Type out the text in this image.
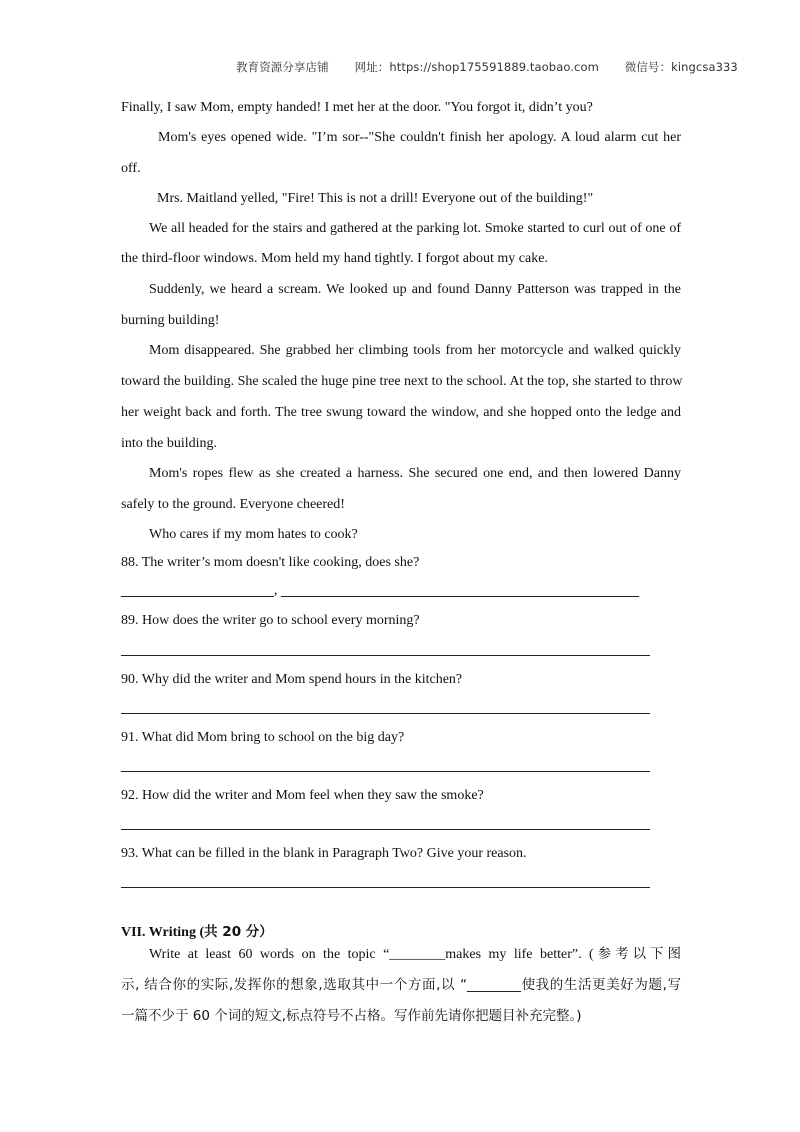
教育资源分享店铺 网址：https://shop175591889.taobao.com 微信号：kingcsa333
Finally, I saw Mom, empty handed! I met her at the door. "You forgot it, didn’t you?
Mom's eyes opened wide. "I’m sor--"She couldn't finish her apology. A loud alarm cut her
off.
Mrs. Maitland yelled, "Fire! This is not a drill! Everyone out of the building!"
We all headed for the stairs and gathered at the parking lot. Smoke started to curl out of one of
the third-floor windows. Mom held my hand tightly. I forgot about my cake.
Suddenly, we heard a scream. We looked up and found Danny Patterson was trapped in the
burning building!
Mom disappeared. She grabbed her climbing tools from her motorcycle and walked quickly
toward the building. She scaled the huge pine tree next to the school. At the top, she started to throw
her weight back and forth. The tree swung toward the window, and she hopped onto the ledge and
into the building.
Mom's ropes flew as she created a harness. She secured one end, and then lowered Danny
safely to the ground. Everyone cheered!
Who cares if my mom hates to cook?
88. The writer’s mom doesn't like cooking, does she?
,
89. How does the writer go to school every morning?
90. Why did the writer and Mom spend hours in the kitchen?
91. What did Mom bring to school on the big day?
92. How did the writer and Mom feel when they saw the smoke?
93. What can be filled in the blank in Paragraph Two? Give your reason.
VII. Writing (共 20 分）
Write at least 60 words on the topic “________makes my life better”. (参考以下图
示, 结合你的实际,发挥你的想象,选取其中一个方面,以 “________使我的生活更美好为题,写
一篇不少于 60 个词的短文,标点符号不占格。写作前先请你把题目补充完整。)
